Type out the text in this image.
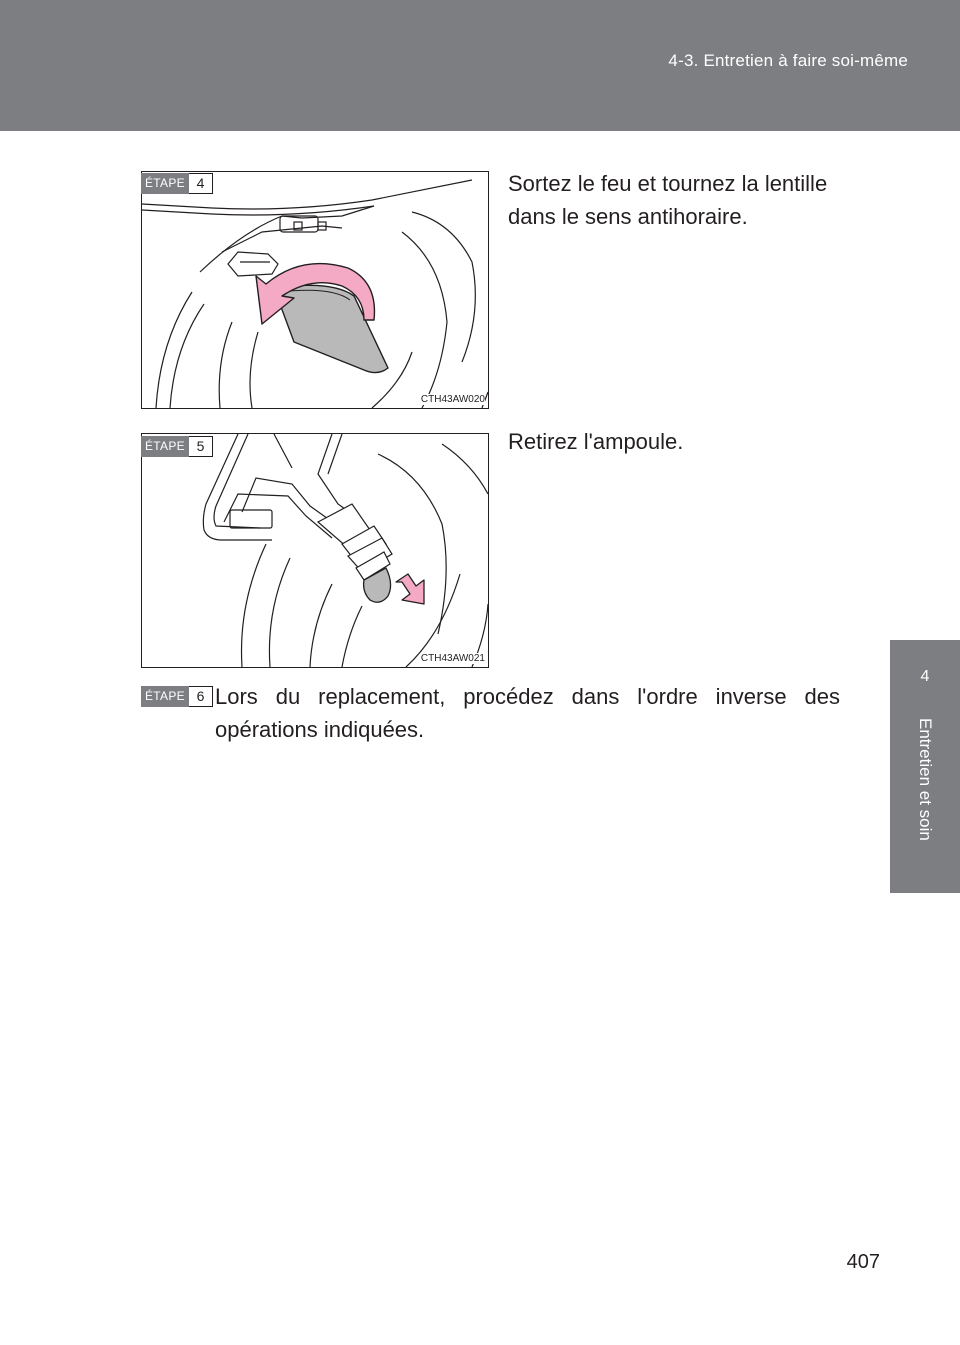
4-3. Entretien à faire soi-même
4
Entretien et soin
CTH43AW020
ÉTAPE 4	Sortez le feu et tournez la lentille dans le sens antihoraire.
CTH43AW021
ÉTAPE 5	Retirez l'ampoule.
ÉTAPE 6 Lors du replacement, procédez dans l'ordre inverse des opérations indiquées.
407
